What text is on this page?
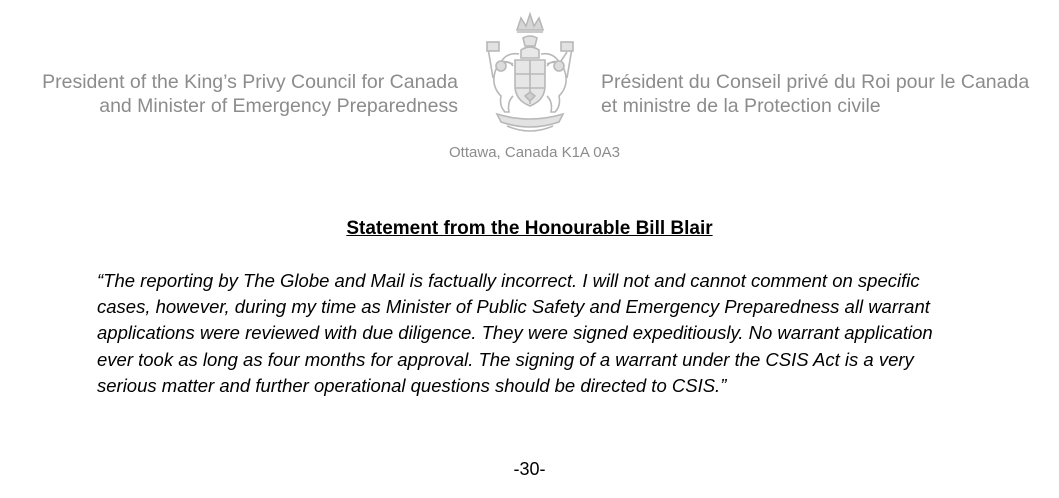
President of the King’s Privy Council for Canada
and Minister of Emergency Preparedness
Président du Conseil privé du Roi pour le Canada
et ministre de la Protection civile
Ottawa, Canada K1A 0A3
Statement from the Honourable Bill Blair

“The reporting by The Globe and Mail is factually incorrect. I will not and cannot comment on specific cases, however, during my time as Minister of Public Safety and Emergency Preparedness all warrant applications were reviewed with due diligence. They were signed expeditiously. No warrant application ever took as long as four months for approval. The signing of a warrant under the CSIS Act is a very serious matter and further operational questions should be directed to CSIS.”

-30-
